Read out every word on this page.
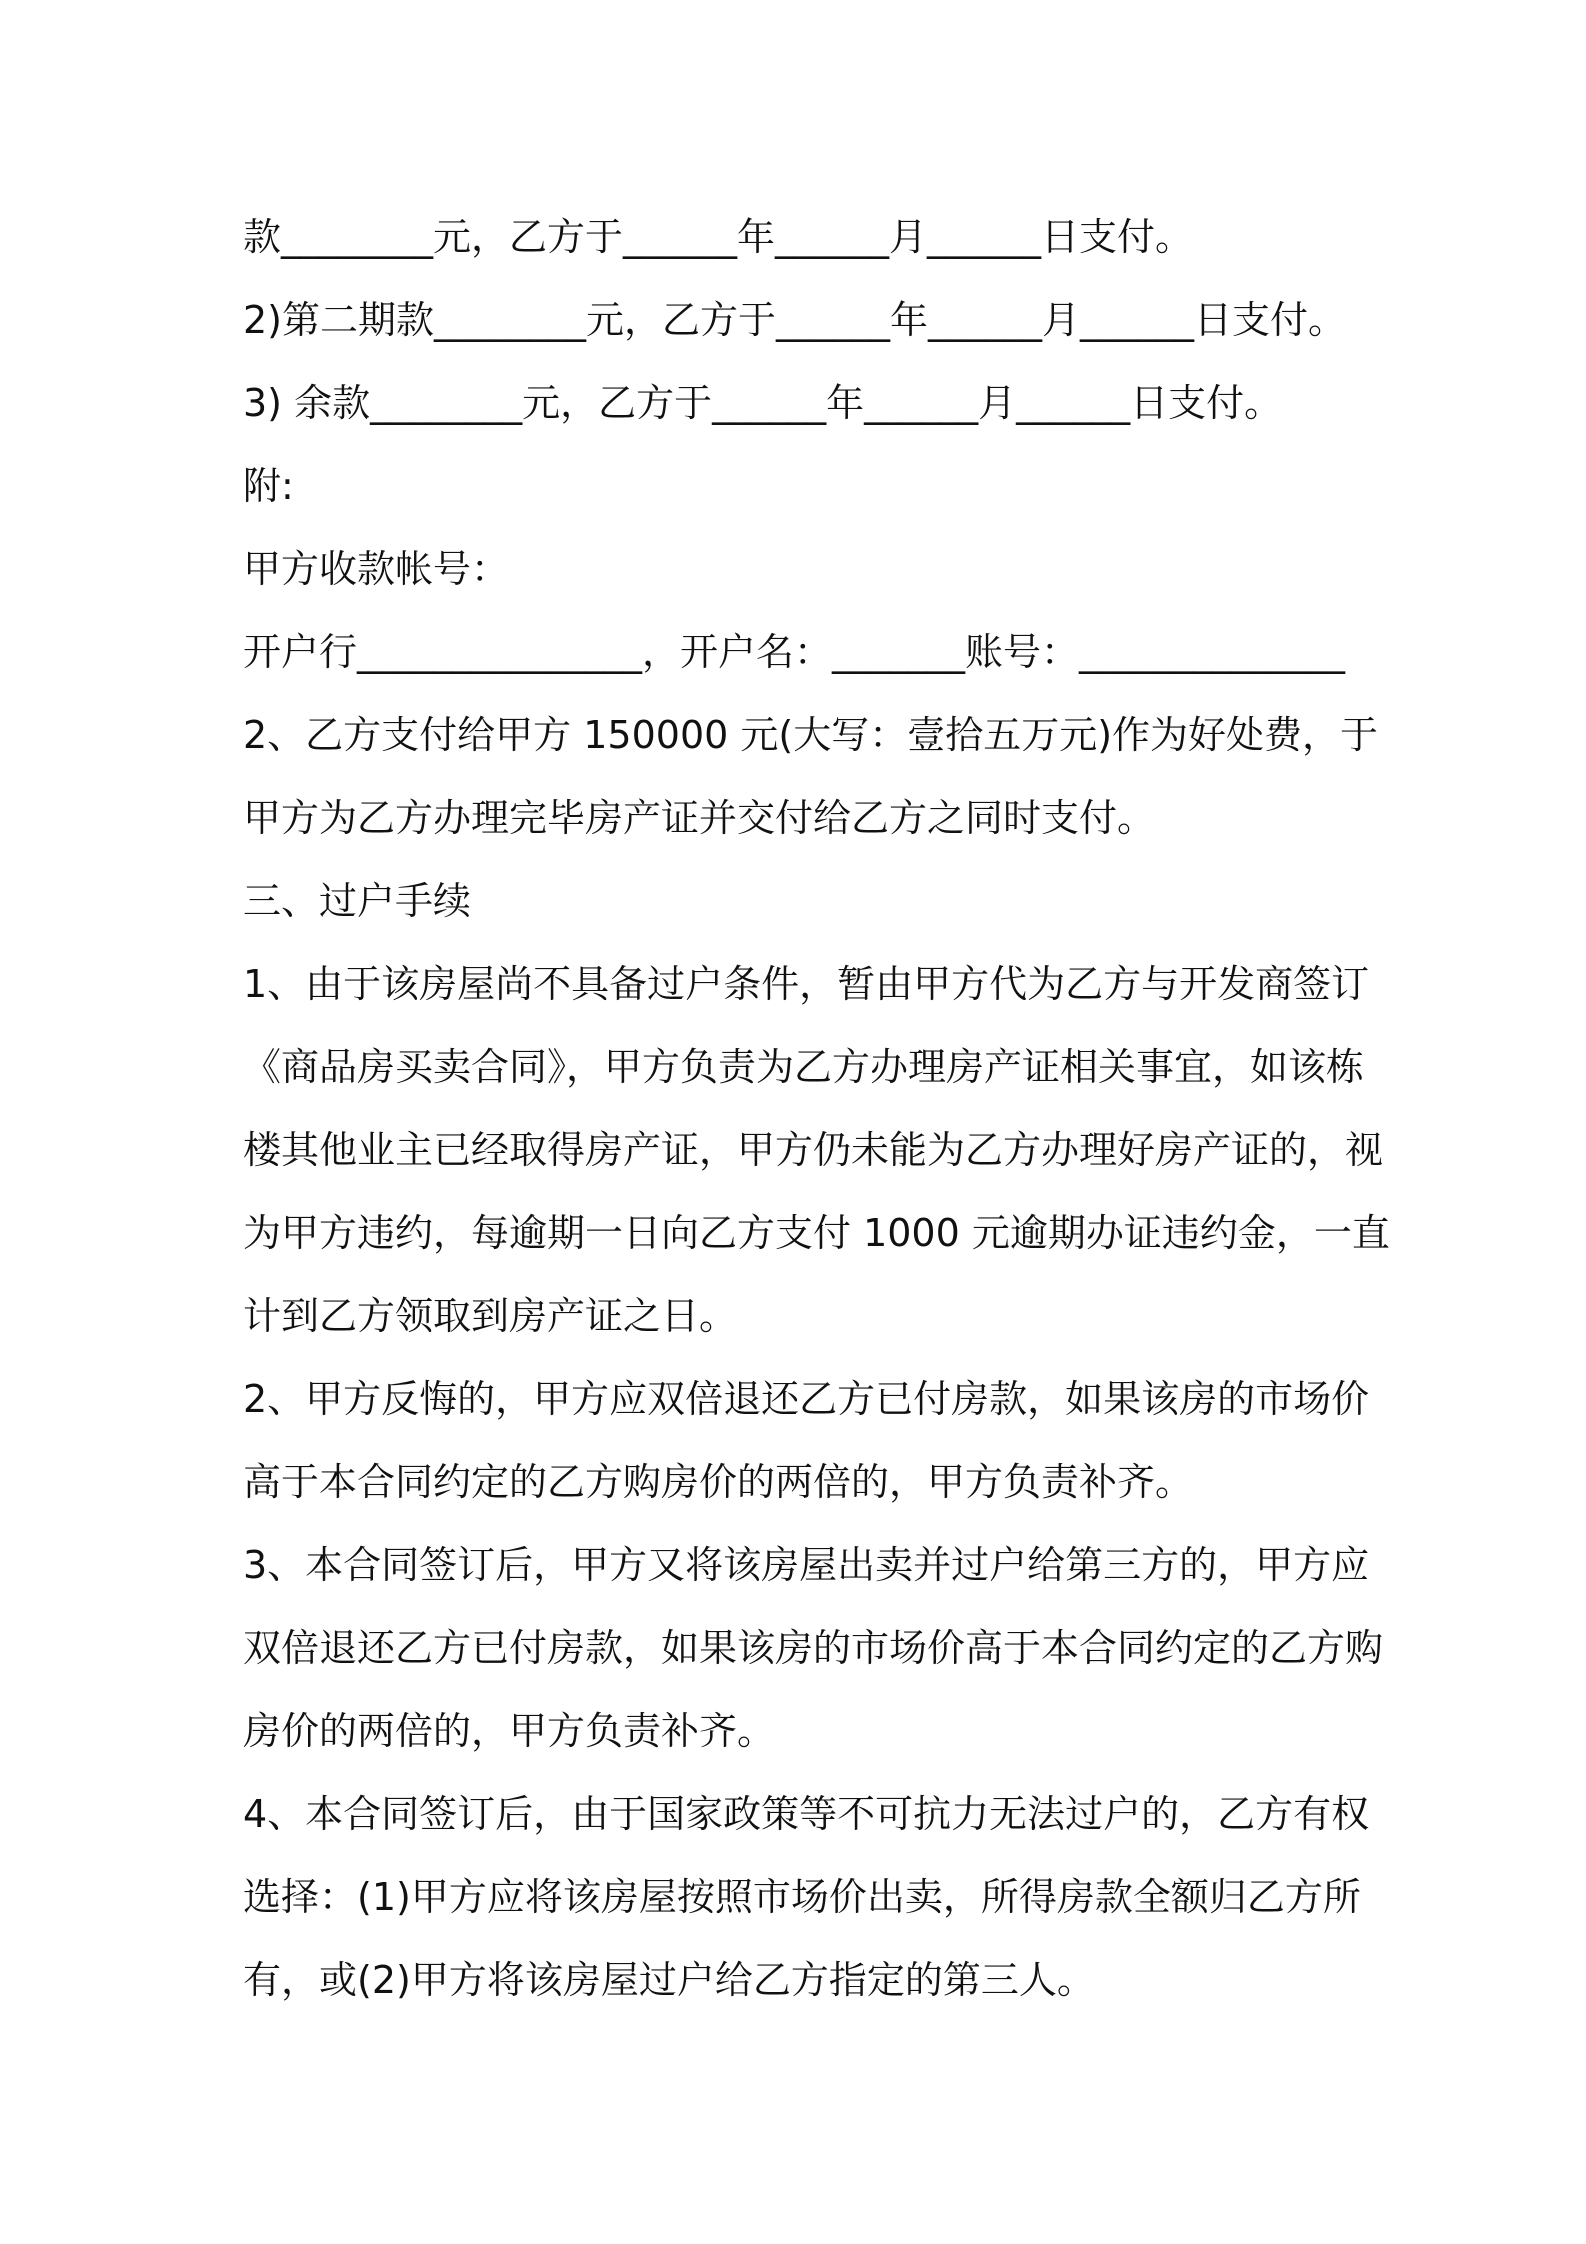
款________元，乙方于______年______月______日支付。
2)第二期款________元，乙方于______年______月______日支付。
3) 余款________元，乙方于______年______月______日支付。
附:
甲方收款帐号：
开户行_______________，开户名：_______账号：______________
2、乙方支付给甲方 150000 元(大写：壹拾五万元)作为好处费，于
甲方为乙方办理完毕房产证并交付给乙方之同时支付。
三、过户手续
1、由于该房屋尚不具备过户条件，暂由甲方代为乙方与开发商签订
《商品房买卖合同》，甲方负责为乙方办理房产证相关事宜，如该栋
楼其他业主已经取得房产证，甲方仍未能为乙方办理好房产证的，视
为甲方违约，每逾期一日向乙方支付 1000 元逾期办证违约金，一直
计到乙方领取到房产证之日。
2、甲方反悔的，甲方应双倍退还乙方已付房款，如果该房的市场价
高于本合同约定的乙方购房价的两倍的，甲方负责补齐。
3、本合同签订后，甲方又将该房屋出卖并过户给第三方的，甲方应
双倍退还乙方已付房款，如果该房的市场价高于本合同约定的乙方购
房价的两倍的，甲方负责补齐。
4、本合同签订后，由于国家政策等不可抗力无法过户的，乙方有权
选择：(1)甲方应将该房屋按照市场价出卖，所得房款全额归乙方所
有，或(2)甲方将该房屋过户给乙方指定的第三人。
